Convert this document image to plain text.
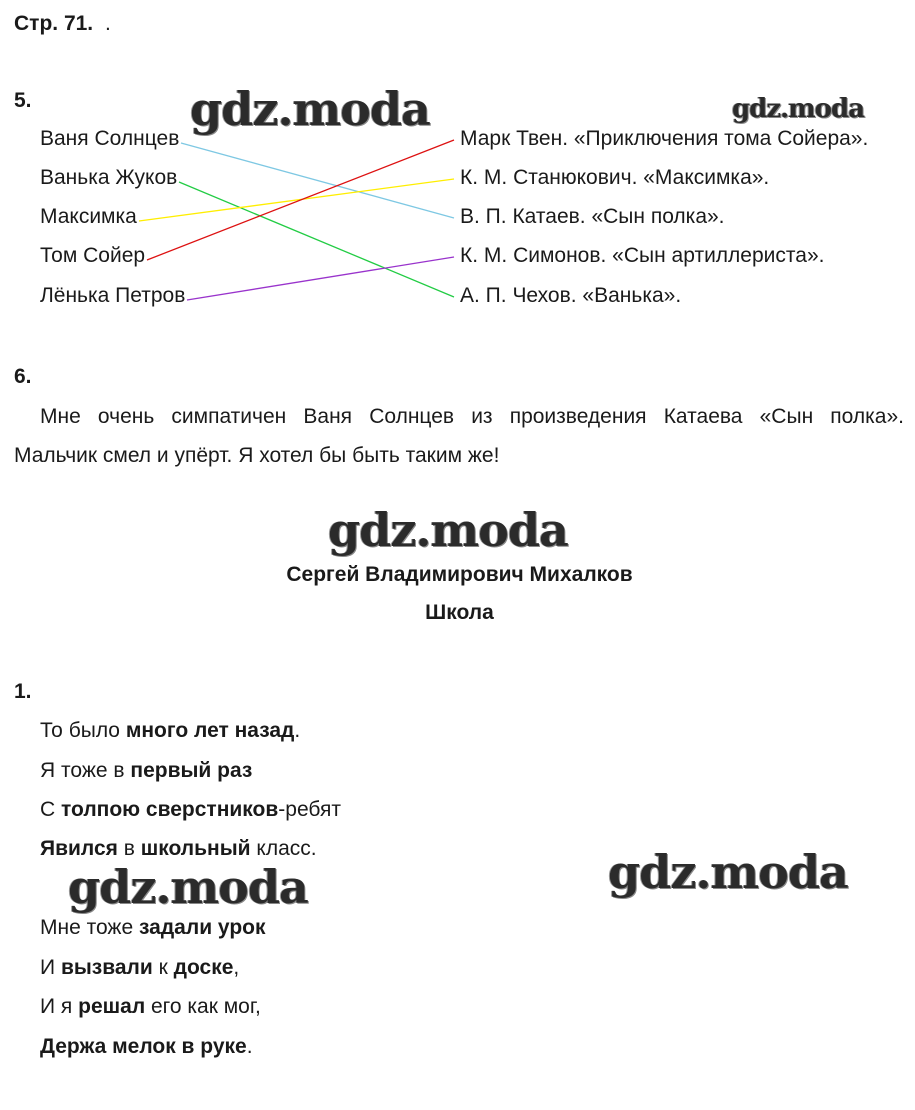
Стр. 71. .
gdz.moda	gdz.moda
gdz.moda
gdz.moda	gdz.moda
5.
Ваня Солнцев
Ванька Жуков
Максимка
Том Сойер
Лёнька Петров
Марк Твен. «Приключения тома Сойера».
К. М. Станюкович. «Максимка».
В. П. Катаев. «Сын полка».
К. М. Симонов. «Сын артиллериста».
А. П. Чехов. «Ванька».
6.
Мне очень симпатичен Ваня Солнцев из произведения Катаева «Сын полка».
Мальчик смел и упёрт. Я хотел бы быть таким же!
Сергей Владимирович Михалков
Школа
1.
То было много лет назад.
Я тоже в первый раз
С толпою сверстников-ребят
Явился в школьный класс.
Мне тоже задали урок
И вызвали к доске,
И я решал его как мог,
Держа мелок в руке.
